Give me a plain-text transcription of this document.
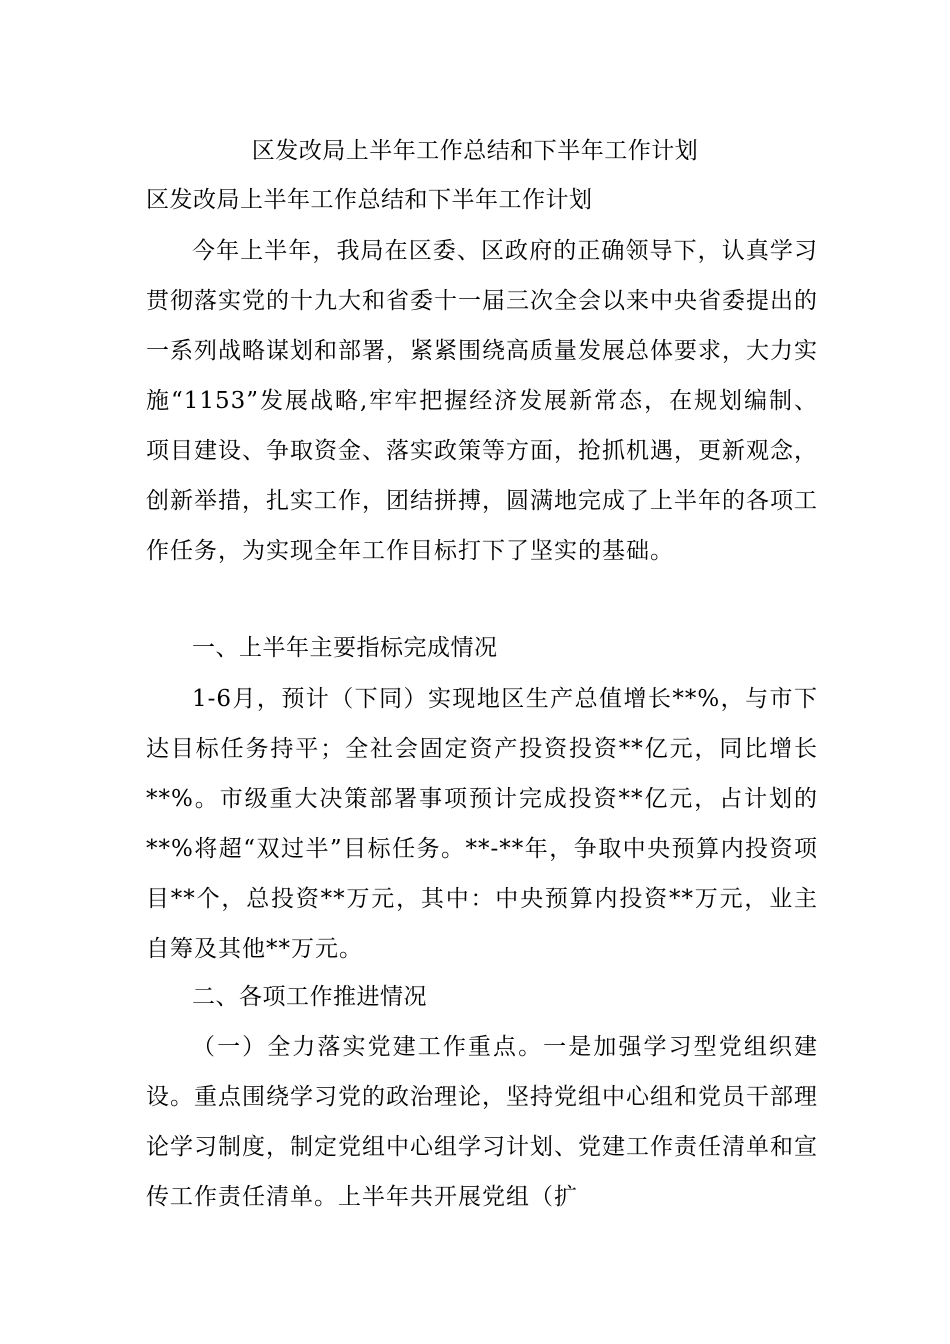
区发改局上半年工作总结和下半年工作计划

区发改局上半年工作总结和下半年工作计划

今年上半年，我局在区委、区政府的正确领导下，认真学习贯彻落实党的十九大和省委十一届三次全会以来中央省委提出的一系列战略谋划和部署，紧紧围绕高质量发展总体要求，大力实施“1153”发展战略,牢牢把握经济发展新常态，在规划编制、项目建设、争取资金、落实政策等方面，抢抓机遇，更新观念，创新举措，扎实工作，团结拼搏，圆满地完成了上半年的各项工作任务，为实现全年工作目标打下了坚实的基础。

一、上半年主要指标完成情况

1-6月，预计（下同）实现地区生产总值增长**%，与市下达目标任务持平；全社会固定资产投资投资**亿元，同比增长**%。市级重大决策部署事项预计完成投资**亿元，占计划的**%将超“双过半”目标任务。**-**年，争取中央预算内投资项目**个，总投资**万元，其中：中央预算内投资**万元，业主自筹及其他**万元。

二、各项工作推进情况

（一）全力落实党建工作重点。一是加强学习型党组织建设。重点围绕学习党的政治理论，坚持党组中心组和党员干部理论学习制度，制定党组中心组学习计划、党建工作责任清单和宣传工作责任清单。上半年共开展党组（扩
